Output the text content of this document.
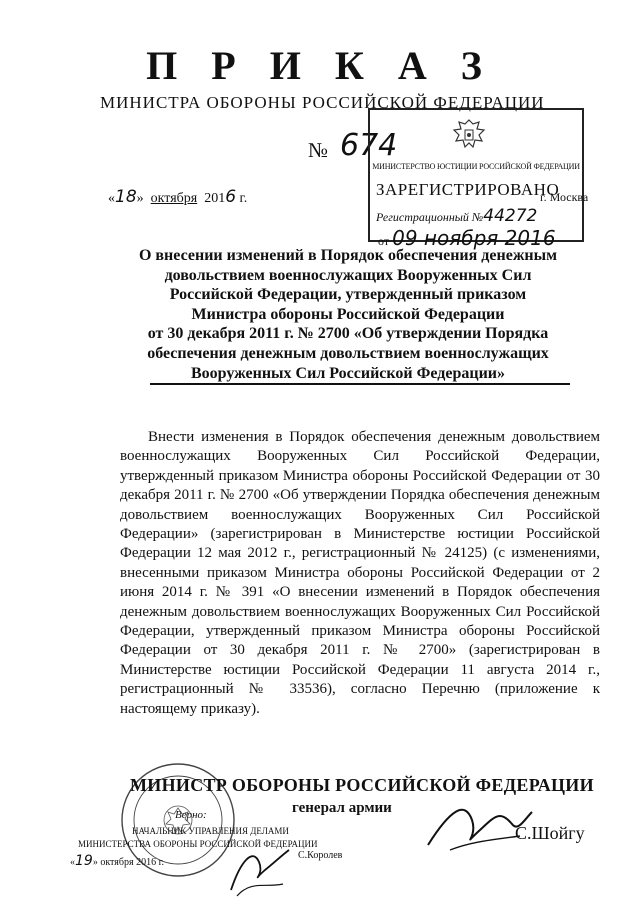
П Р И К А З
МИНИСТРА ОБОРОНЫ РОССИЙСКОЙ ФЕДЕРАЦИИ
№ 674
«18» октября 2016 г.
МИНИСТЕРСТВО ЮСТИЦИИ РОССИЙСКОЙ ФЕДЕРАЦИИ
ЗАРЕГИСТРИРОВАНО
Регистрационный №44272
от 09 ноября 2016
г. Москва
О внесении изменений в Порядок обеспечения денежным
довольствием военнослужащих Вооруженных Сил
Российской Федерации, утвержденный приказом
Министра обороны Российской Федерации
от 30 декабря 2011 г. № 2700 «Об утверждении Порядка
обеспечения денежным довольствием военнослужащих
Вооруженных Сил Российской Федерации»
Внести изменения в Порядок обеспечения денежным довольствием военнослужащих Вооруженных Сил Российской Федерации, утвержденный приказом Министра обороны Российской Федерации от 30 декабря 2011 г. № 2700 «Об утверждении Порядка обеспечения денежным довольствием военнослужащих Вооруженных Сил Российской Федерации» (зарегистрирован в Министерстве юстиции Российской Федерации 12 мая 2012 г., регистрационный № 24125) (с изменениями, внесенными приказом Министра обороны Российской Федерации от 2 июня 2014 г. № 391 «О внесении изменений в Порядок обеспечения денежным довольствием военнослужащих Вооруженных Сил Российской Федерации, утвержденный приказом Министра обороны Российской Федерации от 30 декабря 2011 г. № 2700» (зарегистрирован в Министерстве юстиции Российской Федерации 11 августа 2014 г., регистрационный № 33536), согласно Перечню (приложение к настоящему приказу).
МИНИСТР ОБОРОНЫ РОССИЙСКОЙ ФЕДЕРАЦИИ
генерал армии
С.Шойгу
Верно:
НАЧАЛЬНИК УПРАВЛЕНИЯ ДЕЛАМИ
МИНИСТЕРСТВА ОБОРОНЫ РОССИЙСКОЙ ФЕДЕРАЦИИ
«19» октября 2016 г.
С.Королев
